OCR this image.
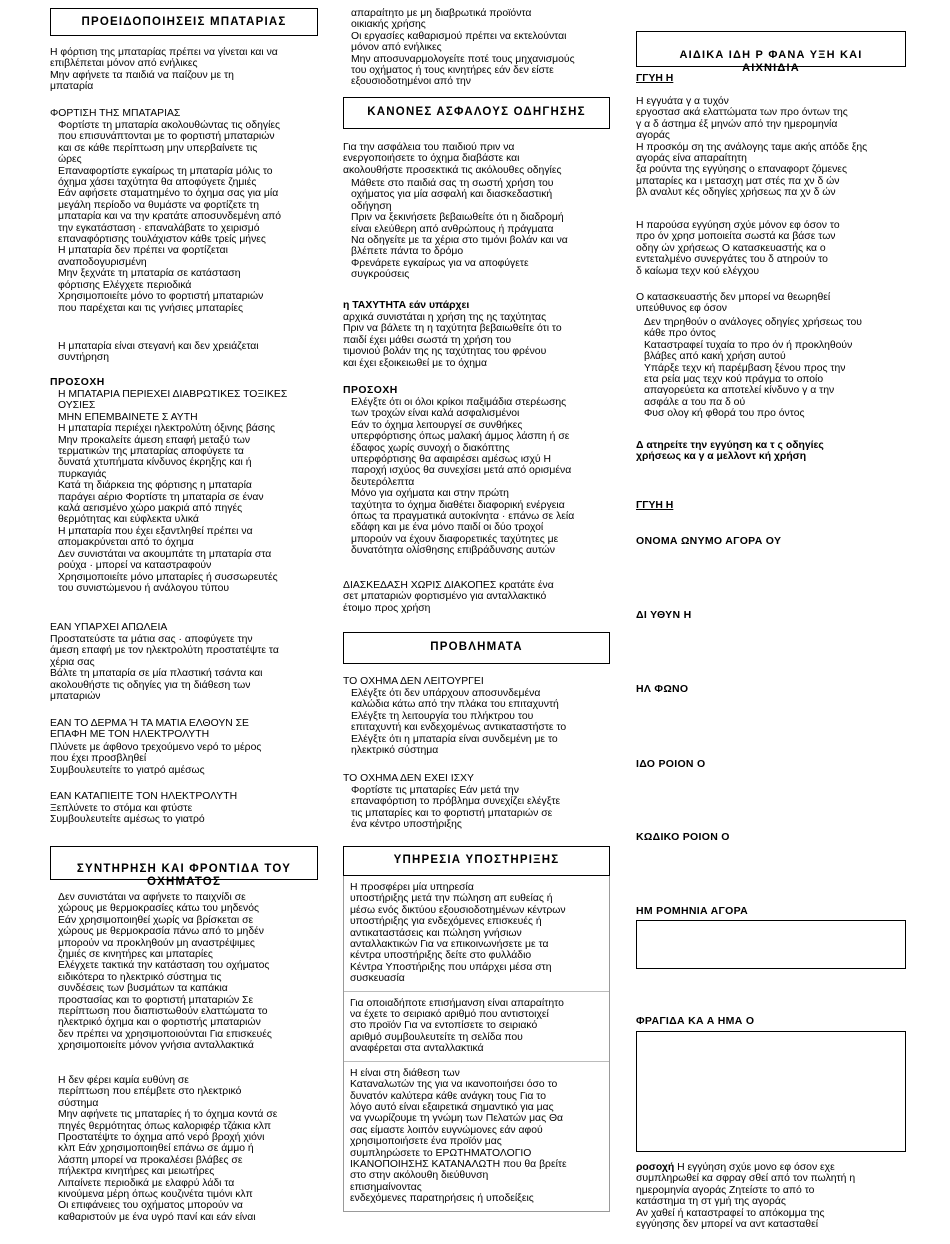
ΠΡΟΕΙΔΟΠΟΙΗΣΕΙΣ ΜΠΑΤΑΡΙΑΣ

Η φόρτιση της μπαταρίας πρέπει να γίνεται και να
επιβλέπεται μόνον από ενήλικες
Μην αφήνετε τα παιδιά να παίζουν με τη
μπαταρία

ΦΟΡΤΙΣΗ ΤΗΣ ΜΠΑΤΑΡΙΑΣ

Φορτίστε τη μπαταρία ακολουθώντας τις οδηγίες
που επισυνάπτονται με το φορτιστή μπαταριών
και σε κάθε περίπτωση μην υπερβαίνετε τις
ώρες
Επαναφορτίστε εγκαίρως τη μπαταρία μόλις το
όχημα χάσει ταχύτητα θα αποφύγετε ζημιές
Εάν αφήσετε σταματημένο το όχημα σας για μία
μεγάλη περίοδο να θυμάστε να φορτίζετε τη
μπαταρία και να την κρατάτε αποσυνδεμένη από
την εγκατάσταση · επαναλάβατε το χειρισμό
επαναφόρτισης τουλάχιστον κάθε τρείς μήνες
Η μπαταρία δεν πρέπει να φορτίζεται
αναποδογυρισμένη
Μην ξεχνάτε τη μπαταρία σε κατάσταση
φόρτισης Ελέγχετε περιοδικά
Χρησιμοποιείτε μόνο το φορτιστή μπαταριών
που παρέχεται και τις γνήσιες μπαταρίες

Η μπαταρία είναι στεγανή και δεν χρειάζεται
συντήρηση

ΠΡΟΣΟΧΗ

Η ΜΠΑΤΑΡΙΑ ΠΕΡΙΕΧΕΙ ΔΙΑΒΡΩΤΙΚΕΣ ΤΟΞΙΚΕΣ
ΟΥΣΙΕΣ
ΜΗΝ ΕΠΕΜΒΑΙΝΕΤΕ Σ ΑΥΤΗ
Η μπαταρία περιέχει ηλεκτρολύτη όξινης βάσης
Μην προκαλείτε άμεση επαφή μεταξύ των
τερματικών της μπαταρίας αποφύγετε τα
δυνατά χτυπήματα κίνδυνος έκρηξης και ή
πυρκαγιάς
Κατά τη διάρκεια της φόρτισης η μπαταρία
παράγει αέριο Φορτίστε τη μπαταρία σε έναν
καλά αεrισμένο χώρο μακριά από πηγές
θερμότητας και εύφλεκτα υλικά
Η μπαταρία που έχει εξαντληθεί πρέπει να
απομακρύνεται από το όχημα
Δεν συνιστάται να ακουμπάτε τη μπαταρία στα
ρούχα · μπορεί να καταστραφούν
Χρησιμοποιείτε μόνο μπαταρίες ή συσσωρευτές
του συνιστώμενου ή ανάλογου τύπου

ΕΑΝ ΥΠΑΡΧΕΙ ΑΠΩΛΕΙΑ

Προστατεύστε τα μάτια σας · αποφύγετε την
άμεση επαφή με τον ηλεκτρολύτη προστατέψτε τα
χέρια σας
Βάλτε τη μπαταρία σε μία πλαστική τσάντα και
ακολουθήστε τις οδηγίες για τη διάθεση των
μπαταριών

ΕΑΝ ΤΟ ΔΕΡΜΑ Ή ΤΑ ΜΑΤΙΑ ΕΛΘΟΥΝ ΣΕ
ΕΠΑΦΗ ΜΕ ΤΟΝ ΗΛΕΚΤΡΟΛΥΤΗ

Πλύνετε με άφθονο τρεχούμενο νερό το μέρος
που έχει προσβληθεί
Συμβουλευτείτε το γιατρό αμέσως

ΕΑΝ ΚΑΤΑΠΙΕΙΤΕ ΤΟΝ ΗΛΕΚΤΡΟΛΥΤΗ

Ξεπλύνετε το στόμα και φτύστε
Συμβουλευτείτε αμέσως το γιατρό

ΣΥΝΤΗΡΗΣΗ ΚΑΙ ΦΡΟΝΤΙΔΑ ΤΟΥ
ΟΧΗΜΑΤΟΣ

Δεν συνιστάται να αφήνετε το παιχνίδι σε
χώρους με θερμοκρασίες κάτω του μηδενός
Εάν χρησιμοποιηθεί χωρίς να βρίσκεται σε
χώρους με θερμοκρασία πάνω από το μηδέν
μπορούν να προκληθούν μη αναστρέψιμες
ζημιές σε κινητήρες και μπαταρίες
Ελέγχετε τακτικά την κατάσταση του οχήματος
ειδικότερα το ηλεκτρικό σύστημα τις
συνδέσεις των βυσμάτων τα καπάκια
προστασίας και το φορτιστή μπαταριών Σε
περίπτωση που διαπιστωθούν ελαττώματα το
ηλεκτρικό όχημα και ο φορτιστής μπαταριών
δεν πρέπει να χρησιμοποιούνται Για επισκευές
χρησιμοποιείτε μόνον γνήσια ανταλλακτικά

Η δεν φέρει καμία ευθύνη σε
περίπτωση που επέμβετε στο ηλεκτρικό
σύστημα
Μην αφήνετε τις μπαταρίες ή το όχημα κοντά σε
πηγές θερμότητας όπως καλοριφέρ τζάκια κλπ
Προστατέψτε το όχημα από νερό βροχή χιόνι
κλπ Εάν χρησιμοποιηθεί επάνω σε άμμο ή
λάσπη μπορεί να προκαλέσει βλάβες σε
πήλεκτρα κινητήρες και μειωτήρες
Λιπαίνετε περιοδικά με ελαφρύ λάδι τα
κινούμενα μέρη όπως κουζινέτα τιμόνι κλπ
Οι επιφάνειες του οχήματος μπορούν να
καθαριστούν με ένα υγρό πανί και εάν είναι

απαραίτητο με μη διαβρωτικά προϊόντα
οικιακής χρήσης
Οι εργασίες καθαρισμού πρέπει να εκτελούνται
μόνον από ενήλικες
Μην αποσυναρμολογείτε ποτέ τους μηχανισμούς
του οχήματος ή τους κινητήρες εάν δεν είστε
εξουσιοδοτημένοι από την

ΚΑΝΟΝΕΣ ΑΣΦΑΛΟΥΣ ΟΔΗΓΗΣΗΣ

Για την ασφάλεια του παιδιού πριν να
ενεργοποιήσετε το όχημα διαβάστε και
ακολουθήστε προσεκτικά τις ακόλουθες οδηγίες

Μάθετε στο παιδιά σας τη σωστή χρήση του
οχήματος για μία ασφαλή και διασκεδαστική
οδήγηση
Πριν να ξεκινήσετε βεβαιωθείτε ότι η διαδρομή
είναι ελεύθερη από ανθρώπους ή πράγματα
Να οδηγείτε με τα χέρια στο τιμόνι βολάν και να
βλέπετε πάντα το δρόμο
Φρενάρετε εγκαίρως για να αποφύγετε
συγκρούσεις

η ΤΑΧΥΤΗΤΑ εάν υπάρχει

αρχικά συνιστάται η χρήση της ης ταχύτητας
Πριν να βάλετε τη η ταχύτητα βεβαιωθείτε ότι το
παιδί έχει μάθει σωστά τη χρήση του
τιμονιού βολάν της ης ταχύτητας του φρένου
και έχει εξοικειωθεί με το όχημα

ΠΡΟΣΟΧΗ

Ελέγξτε ότι οι όλοι κρίκοι παξιμάδια στερέωσης
των τροχών είναι καλά ασφαλισμένοι
Εάν το όχημα λειτουργεί σε συνθήκες
υπερφόρτισης όπως μαλακή άμμος λάσπη ή σε
έδαφος χωρίς συνοχή ο διακόπτης
υπερφόρτισης θα αφαιρέσει αμέσως ισχύ Η
παροχή ισχύος θα συνεχίσει μετά από ορισμένα
δευτερόλεπτα
Μόνο για οχήματα και στην πρώτη
ταχύτητα το όχημα διαθέτει διαφορική ενέργεια
όπως τα πραγματικά αυτοκίνητα · επάνω σε λεία
εδάφη και με ένα μόνο παιδί οι δύο τροχοί
μπορούν να έχουν διαφορετικές ταχύτητες με
δυνατότητα ολίσθησης επιβράδυνσης αυτών

ΔΙΑΣΚΕΔΑΣΗ ΧΩΡΙΣ ΔΙΑΚΟΠΕΣ κρατάτε ένα
σετ μπαταριών φορτισμένο για ανταλλακτικό
έτοιμο προς χρήση

ΠΡΟΒΛΗΜΑΤΑ

ΤΟ ΟΧΗΜΑ ΔΕΝ ΛΕΙΤΟΥΡΓΕΙ

Ελέγξτε ότι δεν υπάρχουν αποσυνδεμένα
καλώδια κάτω από την πλάκα του επιταχυντή
Ελέγξτε τη λειτουργία του πλήκτρου του
επιταχυντή και ενδεχομένως αντικαταστήστε το
Ελέγξτε ότι η μπαταρία είναι συνδεμένη με το
ηλεκτρικό σύστημα

ΤΟ ΟΧΗΜΑ ΔΕΝ ΕΧΕΙ ΙΣΧΥ

Φορτίστε τις μπαταρίες Εάν μετά την
επαναφόρτιση το πρόβλημα συνεχίζει ελέγξτε
τις μπαταρίες και το φορτιστή μπαταριών σε
ένα κέντρο υποστήριξης

ΥΠΗΡΕΣΙΑ ΥΠΟΣΤΗΡΙΞΗΣ

Η προσφέρει μία υπηρεσία
υποστήριξης μετά την πώληση απ ευθείας ή
μέσω ενός δικτύου εξουσιοδοτημένων κέντρων
υποστήριξης για ενδεχόμενες επισκευές ή
αντικαταστάσεις και πώληση γνήσιων
ανταλλακτικών Για να επικοινωνήσετε με τα
κέντρα υποστήριξης δείτε στο φυλλάδιο
Κέντρα Υποστήριξης που υπάρχει μέσα στη
συσκευασία

Για οποιαδήποτε επισήμανση είναι απαραίτητο
να έχετε το σειριακό αριθμό που αντιστοιχεί
στο προϊόν Για να εντοπίσετε το σειριακό
αριθμό συμβουλευτείτε τη σελίδα που
αναφέρεται στα ανταλλακτικά

Η είναι στη διάθεση των
Καταναλωτών της για να ικανοποιήσει όσο το
δυνατόν καλύτερα κάθε ανάγκη τους Για το
λόγο αυτό είναι εξαιρετικά σημαντικό για μας
να γνωρίζουμε τη γνώμη των Πελατών μας Θα
σας είμαστε λοιπόν ευγνώμονες εάν αφού
χρησιμοποιήσετε ένα προϊόν μας
συμπληρώσετε το ΕΡΩΤΗΜΑΤΟΛΟΓΙΟ
ΙΚΑΝΟΠΟΙΗΣΗΣ ΚΑΤΑΝΑΛΩΤΗ που θα βρείτε
στο στην ακόλουθη διεύθυνση
επισημαίνοντας
ενδεχόμενες παρατηρήσεις ή υποδείξεις

ΑΙΔΙΚΑ ΙΔΗ Ρ ΦΑΝΑ ΥΞΗ ΚΑΙ
ΑΙΧΝΙΔΙΑ

ΓΓΥΗ Η

Η εγγυάτα γ α τυχόν
εργοστασ ακά ελαττώματα των προ όντων της
γ α δ άστημα έξ μηνών από την ημερομηνία
αγοράς
Η προσκόμ ση της ανάλογης ταμε ακής απόδε ξης
αγοράς είνα απαραίτητη
ξα ρούντα της εγγύησης ο επαναφορτ ζόμενες
μπαταρίες κα ι μετασχη ματ στές πα χν δ ών
βλ αναλυτ κές οδηγίες χρήσεως πα χν δ ών

Η παρούσα εγγύηση σχύε μόνον εφ όσον το
προ όν χρησ μοποιείτα σωστά κα βάσε των
οδηγ ών χρήσεως Ο κατασκευαστής κα ο
εντεταλμένο συνεργάτες του δ ατηρούν το
δ καίωμα τεχν κού ελέγχου

Ο κατασκευαστής δεν μπορεί να θεωρηθεί
υπεύθυνος εφ όσον

Δεν τηρηθούν ο ανάλογες οδηγίες χρήσεως του
κάθε προ όντος
Καταστραφεί τυχαία το προ όν ή προκληθούν
βλάβες από κακή χρήση αυτού
Υπάρξε τεχν κή παρέμβαση ξένου προς την
ετα ρεία μας τεχν κού πράγμα το οποίο
απαγορεύετα κα αποτελεί κίνδυνο γ α την
ασφάλε α του πα δ ού
Φυσ ολογ κή φθορά του προ όντος

Δ ατηρείτε την εγγύηση κα τ ς οδηγίες
χρήσεως κα γ α μελλοντ κή χρήση

ΓΓΥΗ Η

ΟΝΟΜΑ ΩΝΥΜΟ ΑΓΟΡΑ ΟΥ

ΔΙ ΥΘΥΝ Η

ΗΛ ΦΩΝΟ

ΙΔΟ ΡΟΙΟΝ Ο

ΚΩΔΙΚΟ ΡΟΙΟΝ Ο

ΗΜ ΡΟΜΗΝΙΑ ΑΓΟΡΑ

ΦΡΑΓΙΔΑ ΚΑ Α ΗΜΑ Ο

ροσοχή Η εγγύηση σχύε μονο εφ όσον εχε
συμπληρωθεί κα σφραγ σθεί από τον πωλητή η
ημερομηνία αγοράς Ζητείστε το από το
κατάστημα τη στ γμή της αγοράς
Αν χαθεί ή καταστραφεί το απόκομμα της
εγγύησης δεν μπορεί να αντ κατασταθεί
